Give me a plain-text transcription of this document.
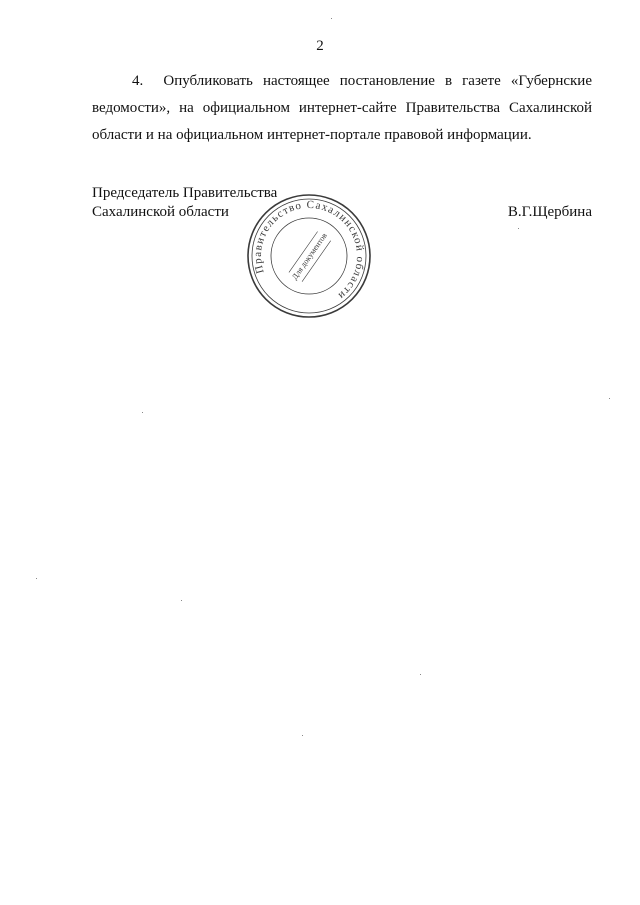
2

4.  Опубликовать настоящее постановление в газете «Губернские ведомости», на официальном интернет-сайте Правительства Сахалинской области и на официальном интернет-портале правовой информации.

Председатель Правительства
Сахалинской области	В.Г.Щербина
Правительство Сахалинской области
Для документов
